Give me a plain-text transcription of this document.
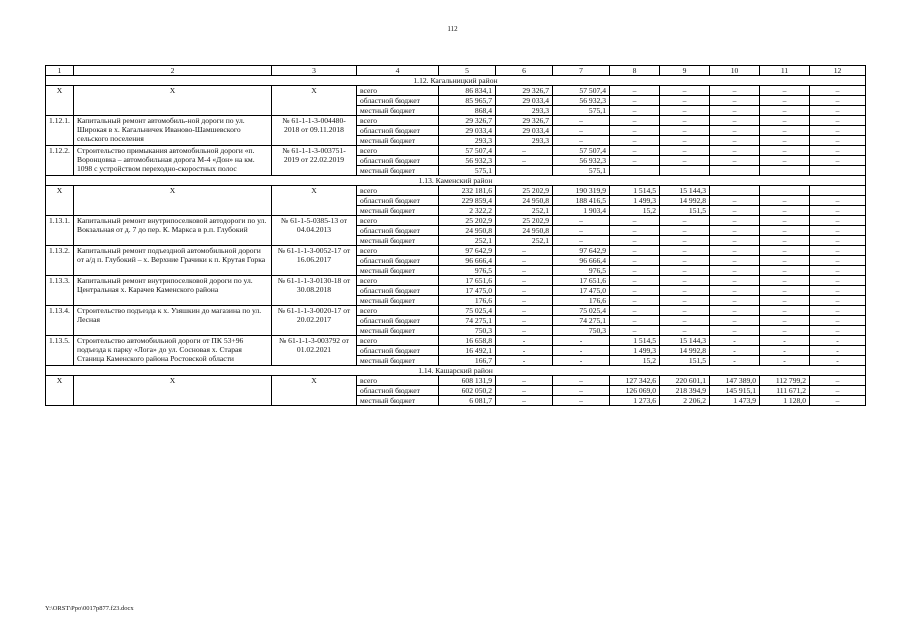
112
1	2	3	4	5	6	7	8	9	10	11	12
1.12. Кагальницкий район											
Х	Х	Х	всего	86 834,1	29 326,7	57 507,4	–	–	–	–	–
			областной бюджет	85 965,7	29 033,4	56 932,3	–	–	–	–	–
			местный бюджет	868,4	293,3	575,1	–	–	–	–	–
1.12.1.	Капитальный ремонт автомобиль-ной дороги по ул. Широкая в х. Кагальничек Иваново-Шамшевского сельского поселения	№ 61-1-1-3-004480-2018 от 09.11.2018	всего	29 326,7	29 326,7	–	–	–	–	–	–
			областной бюджет	29 033,4	29 033,4	–	–	–	–	–	–
			местный бюджет	293,3	293,3	–	–	–	–	–	–
1.12.2.	Строительство примыкания автомобильной дороги «п. Воронцовка – автомобильная дорога М-4 «Дон» на км. 1098 с устройством переходно-скоростных полос	№ 61-1-1-3-003751-2019 от 22.02.2019	всего	57 507,4	–	57 507,4	–	–	–	–	–
			областной бюджет	56 932,3	–	56 932,3	–	–	–	–	–
			местный бюджет	575,1		575,1					
1.13. Каменский район											
Х	Х	Х	всего	232 181,6	25 202,9	190 319,9	1 514,5	15 144,3			
			областной бюджет	229 859,4	24 950,8	188 416,5	1 499,3	14 992,8	–	–	–
			местный бюджет	2 322,2	252,1	1 903,4	15,2	151,5	–	–	–
1.13.1.	Капитальный ремонт внутрипоселковой автодороги по ул. Вокзальная от д. 7 до пер. К. Маркса в р.п. Глубокий	№ 61-1-5-0385-13 от 04.04.2013	всего	25 202,9	25 202,9	–	–	–	–	–	–
			областной бюджет	24 950,8	24 950,8	–	–	–	–	–	–
			местный бюджет	252,1	252,1	–	–	–	–	–	–
1.13.2.	Капитальный ремонт подъездной автомобильной дороги от а/д п. Глубокий – х. Верхние Грачики к п. Крутая Горка	№ 61-1-1-3-0052-17 от 16.06.2017	всего	97 642,9	–	97 642,9	–	–	–	–	–
			областной бюджет	96 666,4	–	96 666,4	–	–	–	–	–
			местный бюджет	976,5	–	976,5	–	–	–	–	–
1.13.3.	Капитальный ремонт внутрипоселковой дороги по ул. Центральная х. Карачев Каменского района	№ 61-1-1-3-0130-18 от 30.08.2018	всего	17 651,6	–	17 651,6	–	–	–	–	–
			областной бюджет	17 475,0	–	17 475,0	–	–	–	–	–
			местный бюджет	176,6	–	176,6	–	–	–	–	–
1.13.4.	Строительство подъезда к х. Узяшкин до магазина по ул. Лесная	№ 61-1-1-3-0020-17 от 20.02.2017	всего	75 025,4	–	75 025,4	–	–	–	–	–
			областной бюджет	74 275,1	–	74 275,1	–	–	–	–	–
			местный бюджет	750,3	–	750,3	–	–	–	–	–
1.13.5.	Строительство автомобильной дороги от ПК 53+96 подъезда к парку «Лога» до ул. Сосновая х. Старая Станица Каменского района Ростовской области	№ 61-1-1-3-003792 от 01.02.2021	всего	16 658,8	-	-	1 514,5	15 144,3	-	-	-
			областной бюджет	16 492,1	-	-	1 499,3	14 992,8	-	-	-
			местный бюджет	166,7	-	-	15,2	151,5	-	-	-
1.14. Кашарский район											
Х	Х	Х	всего	608 131,9	–	–	127 342,6	220 601,1	147 389,0	112 799,2	–
			областной бюджет	602 050,2	–	–	126 069,0	218 394,9	145 915,1	111 671,2	–
			местный бюджет	6 081,7	–	–	1 273,6	2 206,2	1 473,9	1 128,0	–
Y:\ORST\Ppo\0017p877.f23.docx
